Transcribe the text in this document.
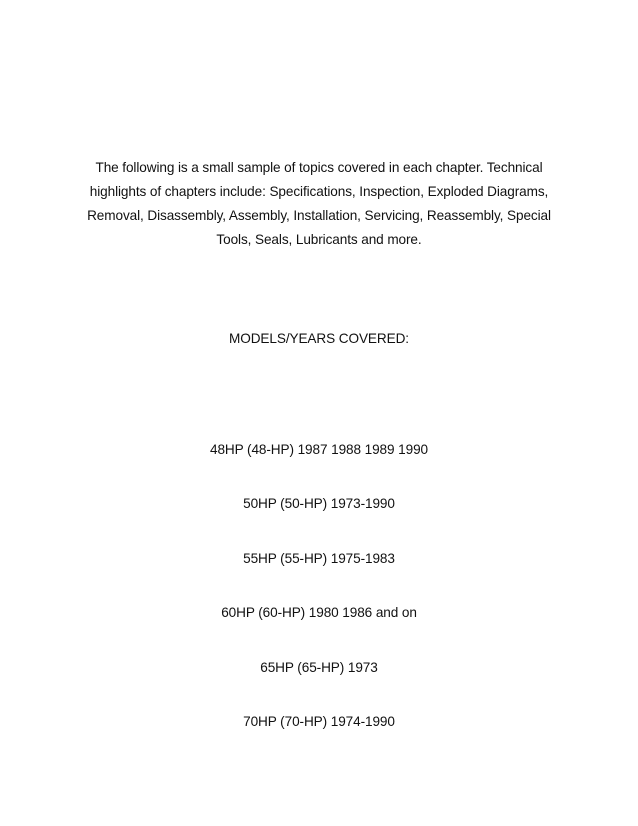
The following is a small sample of topics covered in each chapter. Technical highlights of chapters include: Specifications, Inspection, Exploded Diagrams, Removal, Disassembly, Assembly, Installation, Servicing, Reassembly, Special Tools, Seals, Lubricants and more.

MODELS/YEARS COVERED:

48HP (48-HP) 1987 1988 1989 1990

50HP (50-HP) 1973-1990

55HP (55-HP) 1975-1983

60HP (60-HP) 1980 1986 and on

65HP (65-HP) 1973

70HP (70-HP) 1974-1990
